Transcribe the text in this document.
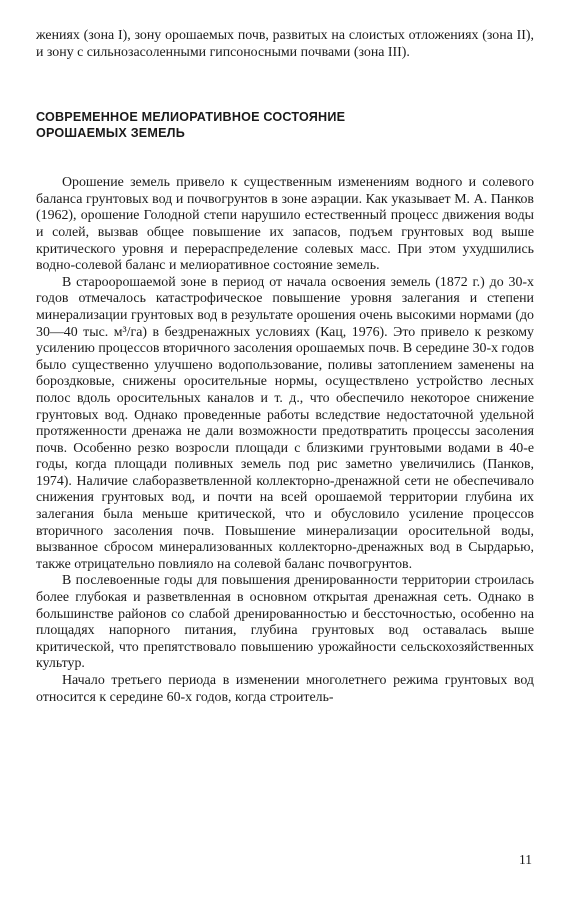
жениях (зона I), зону орошаемых почв, развитых на слоистых отложениях (зона II), и зону с сильнозасоленными гипсоносными почвами (зона III).

СОВРЕМЕННОЕ МЕЛИОРАТИВНОЕ СОСТОЯНИЕ

ОРОШАЕМЫХ ЗЕМЕЛЬ

Орошение земель привело к существенным изменениям водного и солевого баланса грунтовых вод и почвогрунтов в зоне аэрации. Как указывает М. А. Панков (1962), орошение Голодной степи нарушило естественный процесс движения воды и солей, вызвав общее повышение их запасов, подъем грунтовых вод выше критического уровня и перераспределение солевых масс. При этом ухудшились водно-солевой баланс и мелиоративное состояние земель.

В староорошаемой зоне в период от начала освоения земель (1872 г.) до 30-х годов отмечалось катастрофическое повышение уровня залегания и степени минерализации грунтовых вод в результате орошения очень высокими нормами (до 30—40 тыс. м³/га) в бездренажных условиях (Кац, 1976). Это привело к резкому усилению процессов вторичного засоления орошаемых почв. В середине 30-х годов было существенно улучшено водопользование, поливы затоплением заменены на бороздковые, снижены оросительные нормы, осуществлено устройство лесных полос вдоль оросительных каналов и т. д., что обеспечило некоторое снижение грунтовых вод. Однако проведенные работы вследствие недостаточной удельной протяженности дренажа не дали возможности предотвратить процессы засоления почв. Особенно резко возросли площади с близкими грунтовыми водами в 40-е годы, когда площади поливных земель под рис заметно увеличились (Панков, 1974). Наличие слаборазветвленной коллекторно-дренажной сети не обеспечивало снижения грунтовых вод, и почти на всей орошаемой территории глубина их залегания была меньше критической, что и обусловило усиление процессов вторичного засоления почв. Повышение минерализации оросительной воды, вызванное сбросом минерализованных коллекторно-дренажных вод в Сырдарью, также отрицательно повлияло на солевой баланс почвогрунтов.

В послевоенные годы для повышения дренированности территории строилась более глубокая и разветвленная в основном открытая дренажная сеть. Однако в большинстве районов со слабой дренированностью и бессточностью, особенно на площадях напорного питания, глубина грунтовых вод оставалась выше критической, что препятствовало повышению урожайности сельскохозяйственных культур.

Начало третьего периода в изменении многолетнего режима грунтовых вод относится к середине 60-х годов, когда строитель-

11
